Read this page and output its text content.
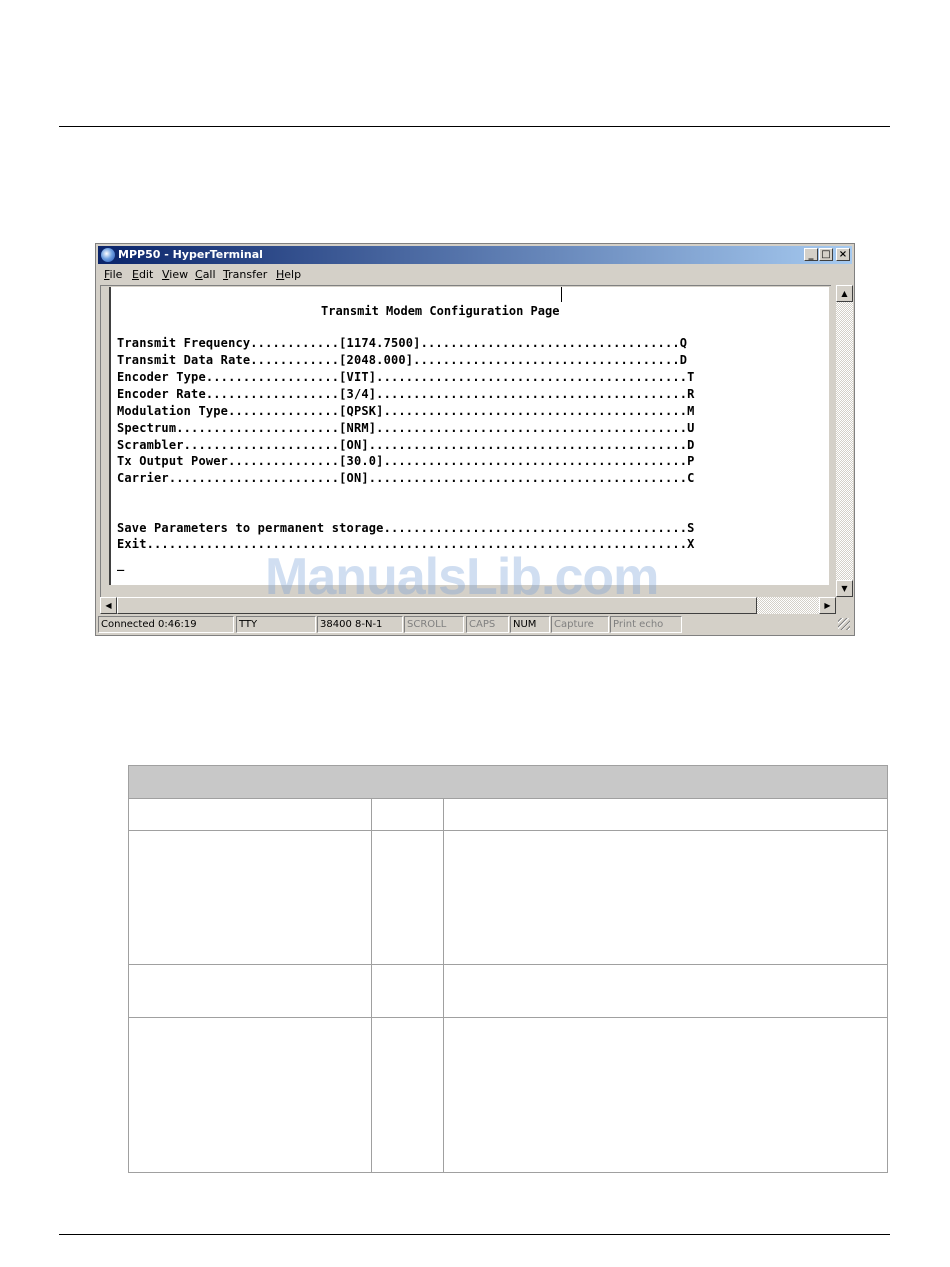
MPP50 - HyperTerminal	_ □ ×
File Edit View Call Transfer Help
Transmit Modem Configuration Page
Transmit Frequency............[1174.7500]...................................Q
Transmit Data Rate............[2048.000]....................................D
Encoder Type..................[VIT]..........................................T
Encoder Rate..................[3/4]..........................................R
Modulation Type...............[QPSK].........................................M
Spectrum......................[NRM]..........................................U
Scrambler.....................[ON]...........................................D
Tx Output Power...............[30.0].........................................P
Carrier.......................[ON]...........................................C
Save Parameters to permanent storage.........................................S
Exit.........................................................................X
_
▲
▼
◀	▶
Connected 0:46:19	TTY	38400 8-N-1	SCROLL	CAPS	NUM	Capture	Print echo
ManualsLib.com
